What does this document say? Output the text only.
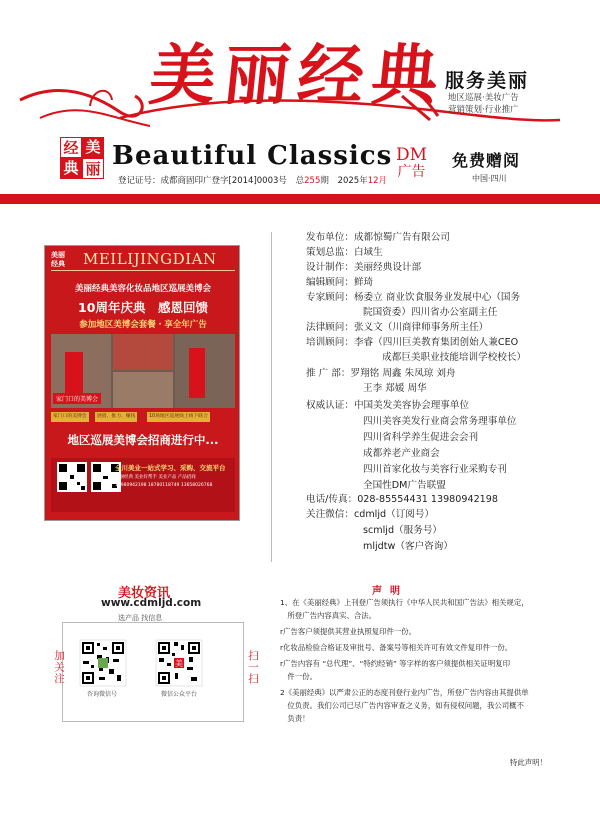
美丽经典
Beautiful Classics
经 美
典 丽
DM
广告
免费赠阅
中国·四川
服务美丽
地区巡展·美妆广告
营销策划·行业推广
登记证号：成都商固印广登字[2014]0003号 总255期 2025年12月
美丽
经典 MEILIJINGDIAN
美丽经典美容化妆品地区巡展美博会
10周年庆典　感恩回馈
参加地区美博会套餐・享全年广告
家门口的美博会
家门口的美博会	展销、推力、赚钱	10场地区巡展线上线下联合
地区巡展美博会招商进行中...
全川美业一站式学习、采购、交流平台
美丽经典 美业好帮手 美业产品 产品招商
13980942198 18780118749 13658026768
发布单位：成都惊蜀广告有限公司
策划总监：白域生
设计制作：美丽经典设计部
编辑顾问：鲜琦
专家顾问：杨委立 商业饮食服务业发展中心（国务
院国资委）四川省办公室副主任
法律顾问：张义文（川商律师事务所主任）
培训顾问：李睿（四川巨美教育集团创始人兼CEO
　　成都巨美职业技能培训学校校长）
推 广 部：罗翔铭 周鑫 朱凤琼 刘舟
王李 郑媛 周华
权威认证：中国美发美容协会理事单位
四川美容美发行业商会常务理事单位
四川省科学养生促进会会刊
成都养老产业商会
四川首家化妆与美容行业采购专刊
全国性DM广告联盟
电话/传真：028-85554431 13980942198
关注微信：cdmljd（订阅号）
scmljd（服务号）
mljdtw（客户咨询）
美妆资讯
www.cdmljd.com
选产品 找信息
咨询微信号
美
微信公众平台
加关注	扫一扫
声明
1、在《美丽经典》上刊登广告须执行《中华人民共和国广告法》相关规定，
　所登广告内容真实、合法。
r广告客户须提供其营业执照复印件一份。
r化妆品检验合格证及审批号、备案号等相关许可有效文件复印件一份。
r广告内容有 “总代理”、“特约经销” 等字样的客户须提供相关证明复印
　件一份。
2《美丽经典》以严肃公正的态度刊登行业内广告，所登广告内容由其提供单
　位负责。我们公司已尽广告内容审查之义务，如有侵权问题，我公司概不
　负责！
特此声明！
